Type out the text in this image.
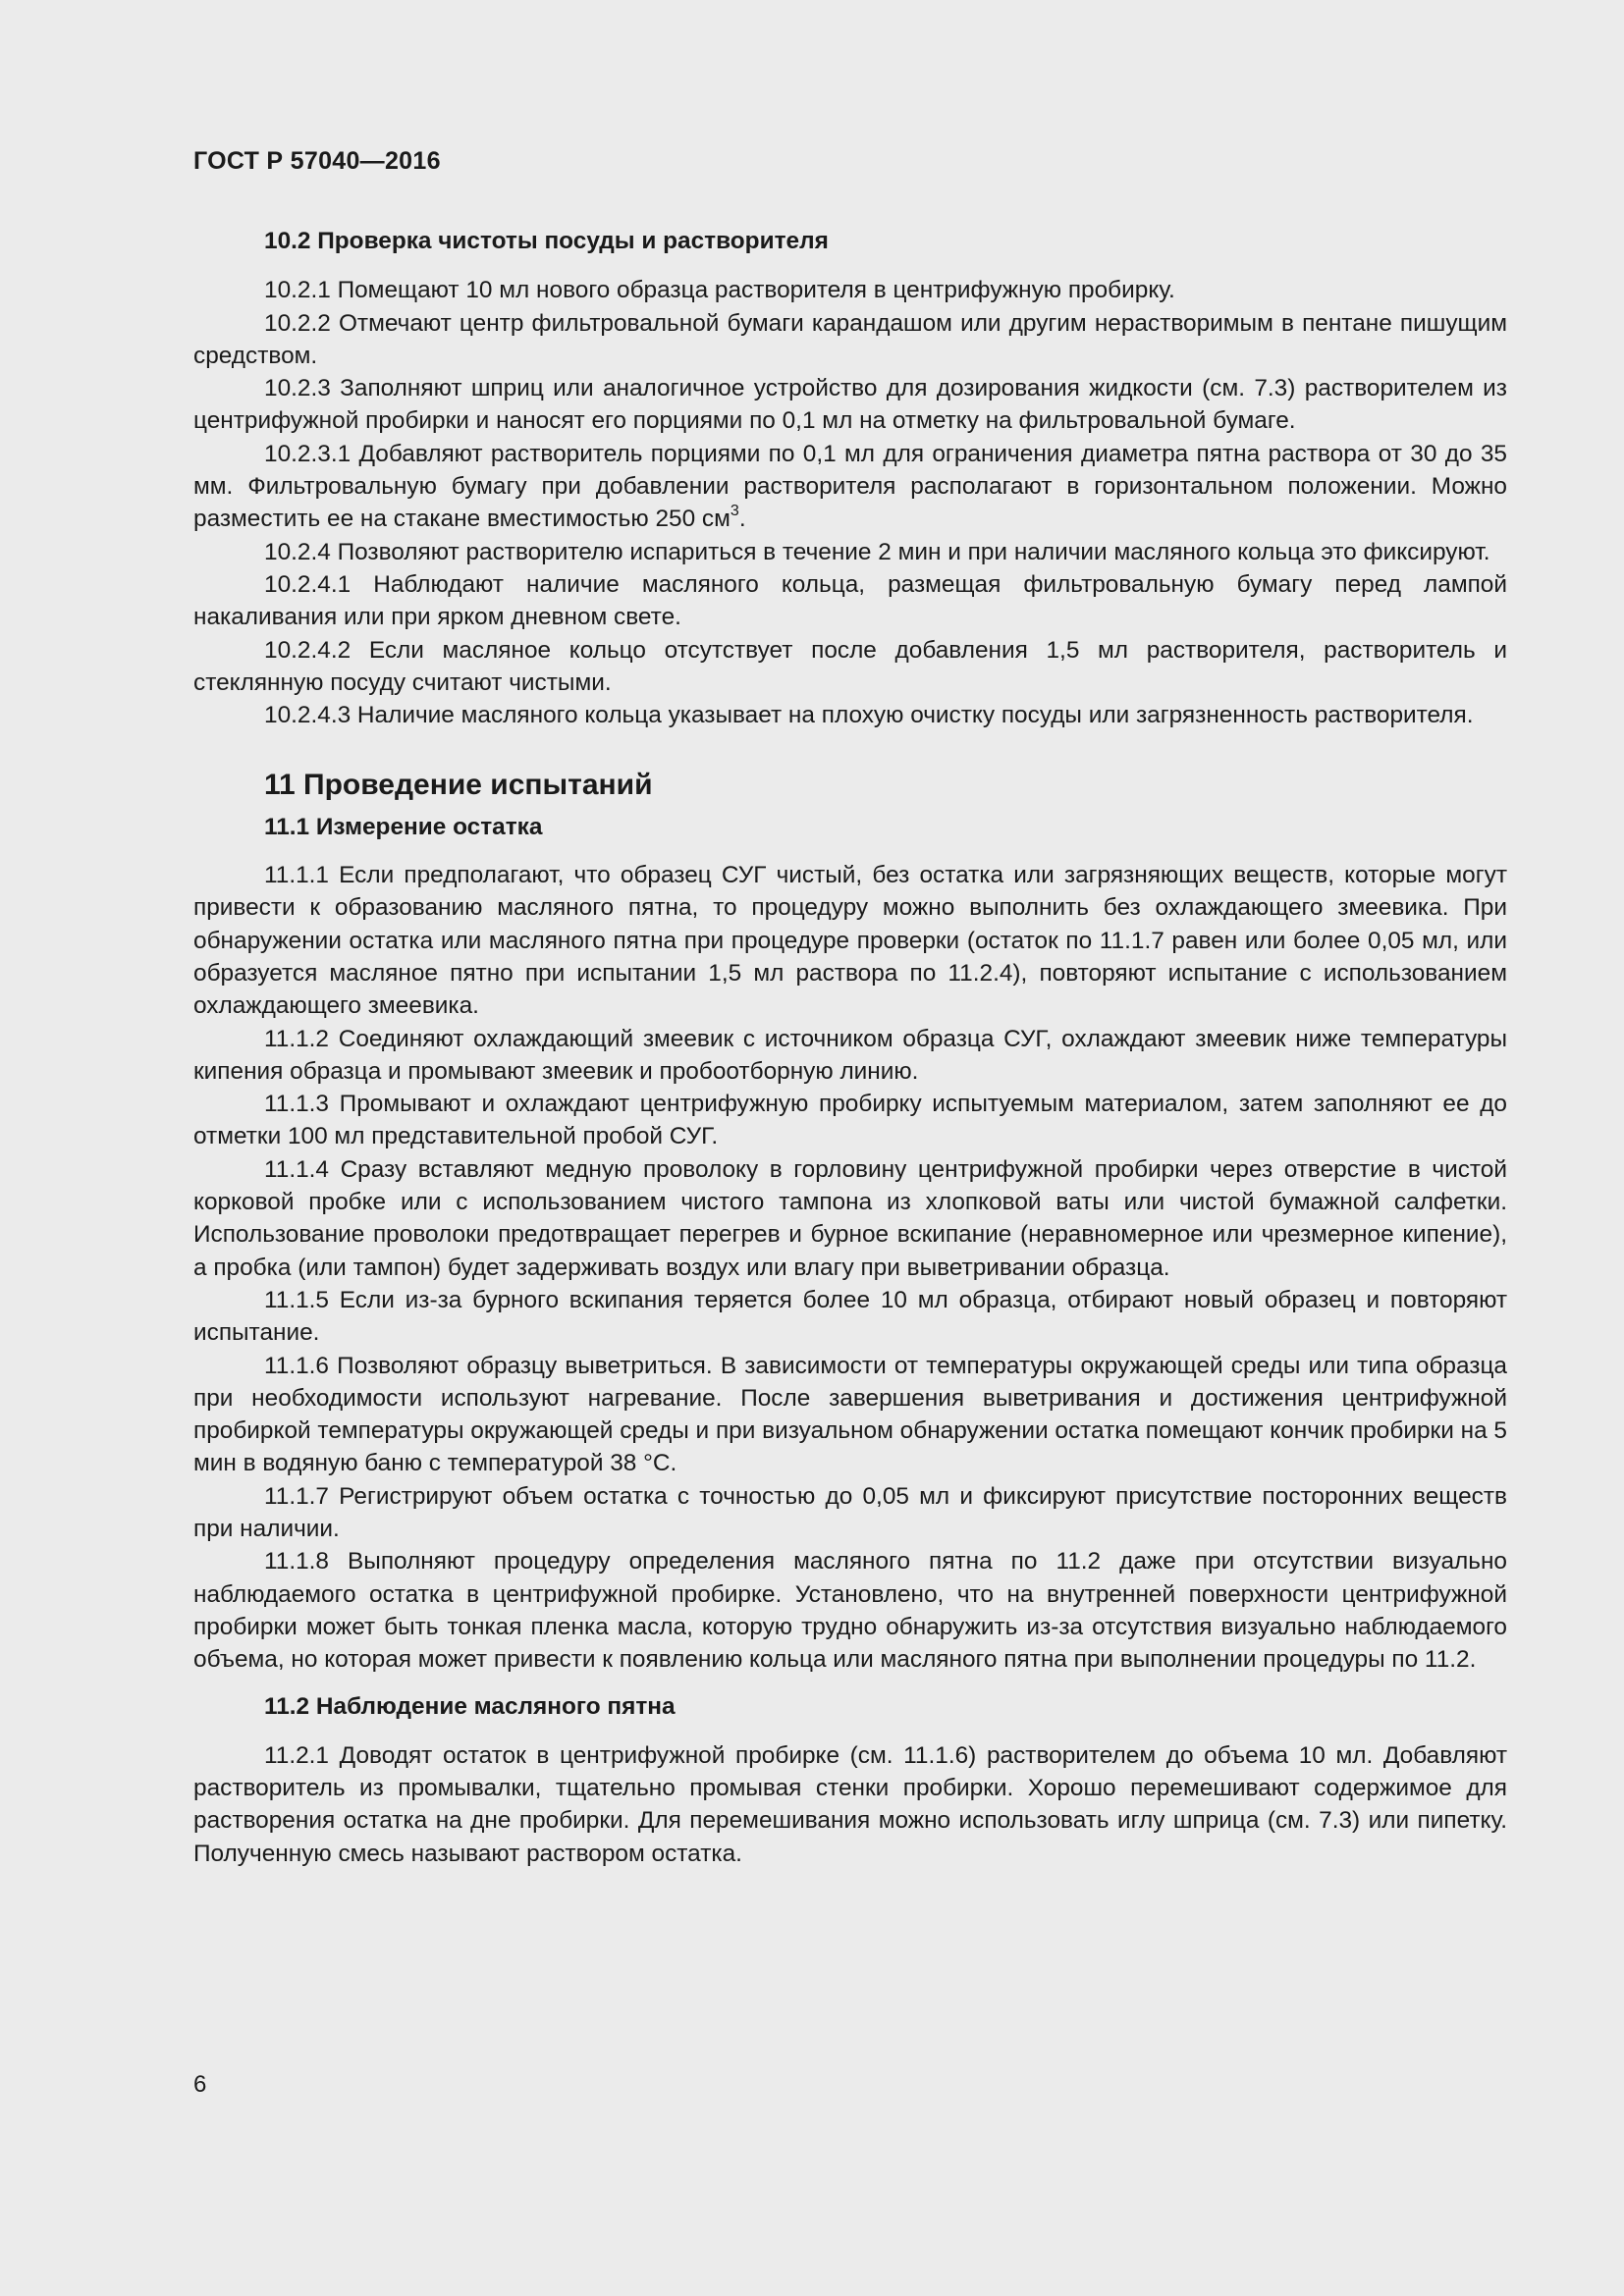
ГОСТ Р 57040—2016
10.2 Проверка чистоты посуды и растворителя

10.2.1 Помещают 10 мл нового образца растворителя в центрифужную пробирку.

10.2.2 Отмечают центр фильтровальной бумаги карандашом или другим нерастворимым в пентане пишущим средством.

10.2.3 Заполняют шприц или аналогичное устройство для дозирования жидкости (см. 7.3) растворителем из центрифужной пробирки и наносят его порциями по 0,1 мл на отметку на фильтровальной бумаге.

10.2.3.1 Добавляют растворитель порциями по 0,1 мл для ограничения диаметра пятна раствора от 30 до 35 мм. Фильтровальную бумагу при добавлении растворителя располагают в горизонтальном положении. Можно разместить ее на стакане вместимостью 250 $см^3$.

10.2.4 Позволяют растворителю испариться в течение 2 мин и при наличии масляного кольца это фиксируют.

10.2.4.1 Наблюдают наличие масляного кольца, размещая фильтровальную бумагу перед лампой накаливания или при ярком дневном свете.

10.2.4.2 Если масляное кольцо отсутствует после добавления 1,5 мл растворителя, растворитель и стеклянную посуду считают чистыми.

10.2.4.3 Наличие масляного кольца указывает на плохую очистку посуды или загрязненность растворителя.

11 Проведение испытаний
11.1 Измерение остатка

11.1.1 Если предполагают, что образец СУГ чистый, без остатка или загрязняющих веществ, которые могут привести к образованию масляного пятна, то процедуру можно выполнить без охлаждающего змеевика. При обнаружении остатка или масляного пятна при процедуре проверки (остаток по 11.1.7 равен или более 0,05 мл, или образуется масляное пятно при испытании 1,5 мл раствора по 11.2.4), повторяют испытание с использованием охлаждающего змеевика.

11.1.2 Соединяют охлаждающий змеевик с источником образца СУГ, охлаждают змеевик ниже температуры кипения образца и промывают змеевик и пробоотборную линию.

11.1.3 Промывают и охлаждают центрифужную пробирку испытуемым материалом, затем заполняют ее до отметки 100 мл представительной пробой СУГ.

11.1.4 Сразу вставляют медную проволоку в горловину центрифужной пробирки через отверстие в чистой корковой пробке или с использованием чистого тампона из хлопковой ваты или чистой бумажной салфетки. Использование проволоки предотвращает перегрев и бурное вскипание (неравномерное или чрезмерное кипение), а пробка (или тампон) будет задерживать воздух или влагу при выветривании образца.

11.1.5 Если из-за бурного вскипания теряется более 10 мл образца, отбирают новый образец и повторяют испытание.

11.1.6 Позволяют образцу выветриться. В зависимости от температуры окружающей среды или типа образца при необходимости используют нагревание. После завершения выветривания и достижения центрифужной пробиркой температуры окружающей среды и при визуальном обнаружении остатка помещают кончик пробирки на 5 мин в водяную баню с температурой 38 °С.

11.1.7 Регистрируют объем остатка с точностью до 0,05 мл и фиксируют присутствие посторонних веществ при наличии.

11.1.8 Выполняют процедуру определения масляного пятна по 11.2 даже при отсутствии визуально наблюдаемого остатка в центрифужной пробирке. Установлено, что на внутренней поверхности центрифужной пробирки может быть тонкая пленка масла, которую трудно обнаружить из-за отсутствия визуально наблюдаемого объема, но которая может привести к появлению кольца или масляного пятна при выполнении процедуры по 11.2.

11.2 Наблюдение масляного пятна

11.2.1 Доводят остаток в центрифужной пробирке (см. 11.1.6) растворителем до объема 10 мл. Добавляют растворитель из промывалки, тщательно промывая стенки пробирки. Хорошо перемешивают содержимое для растворения остатка на дне пробирки. Для перемешивания можно использовать иглу шприца (см. 7.3) или пипетку. Полученную смесь называют раствором остатка.

6
